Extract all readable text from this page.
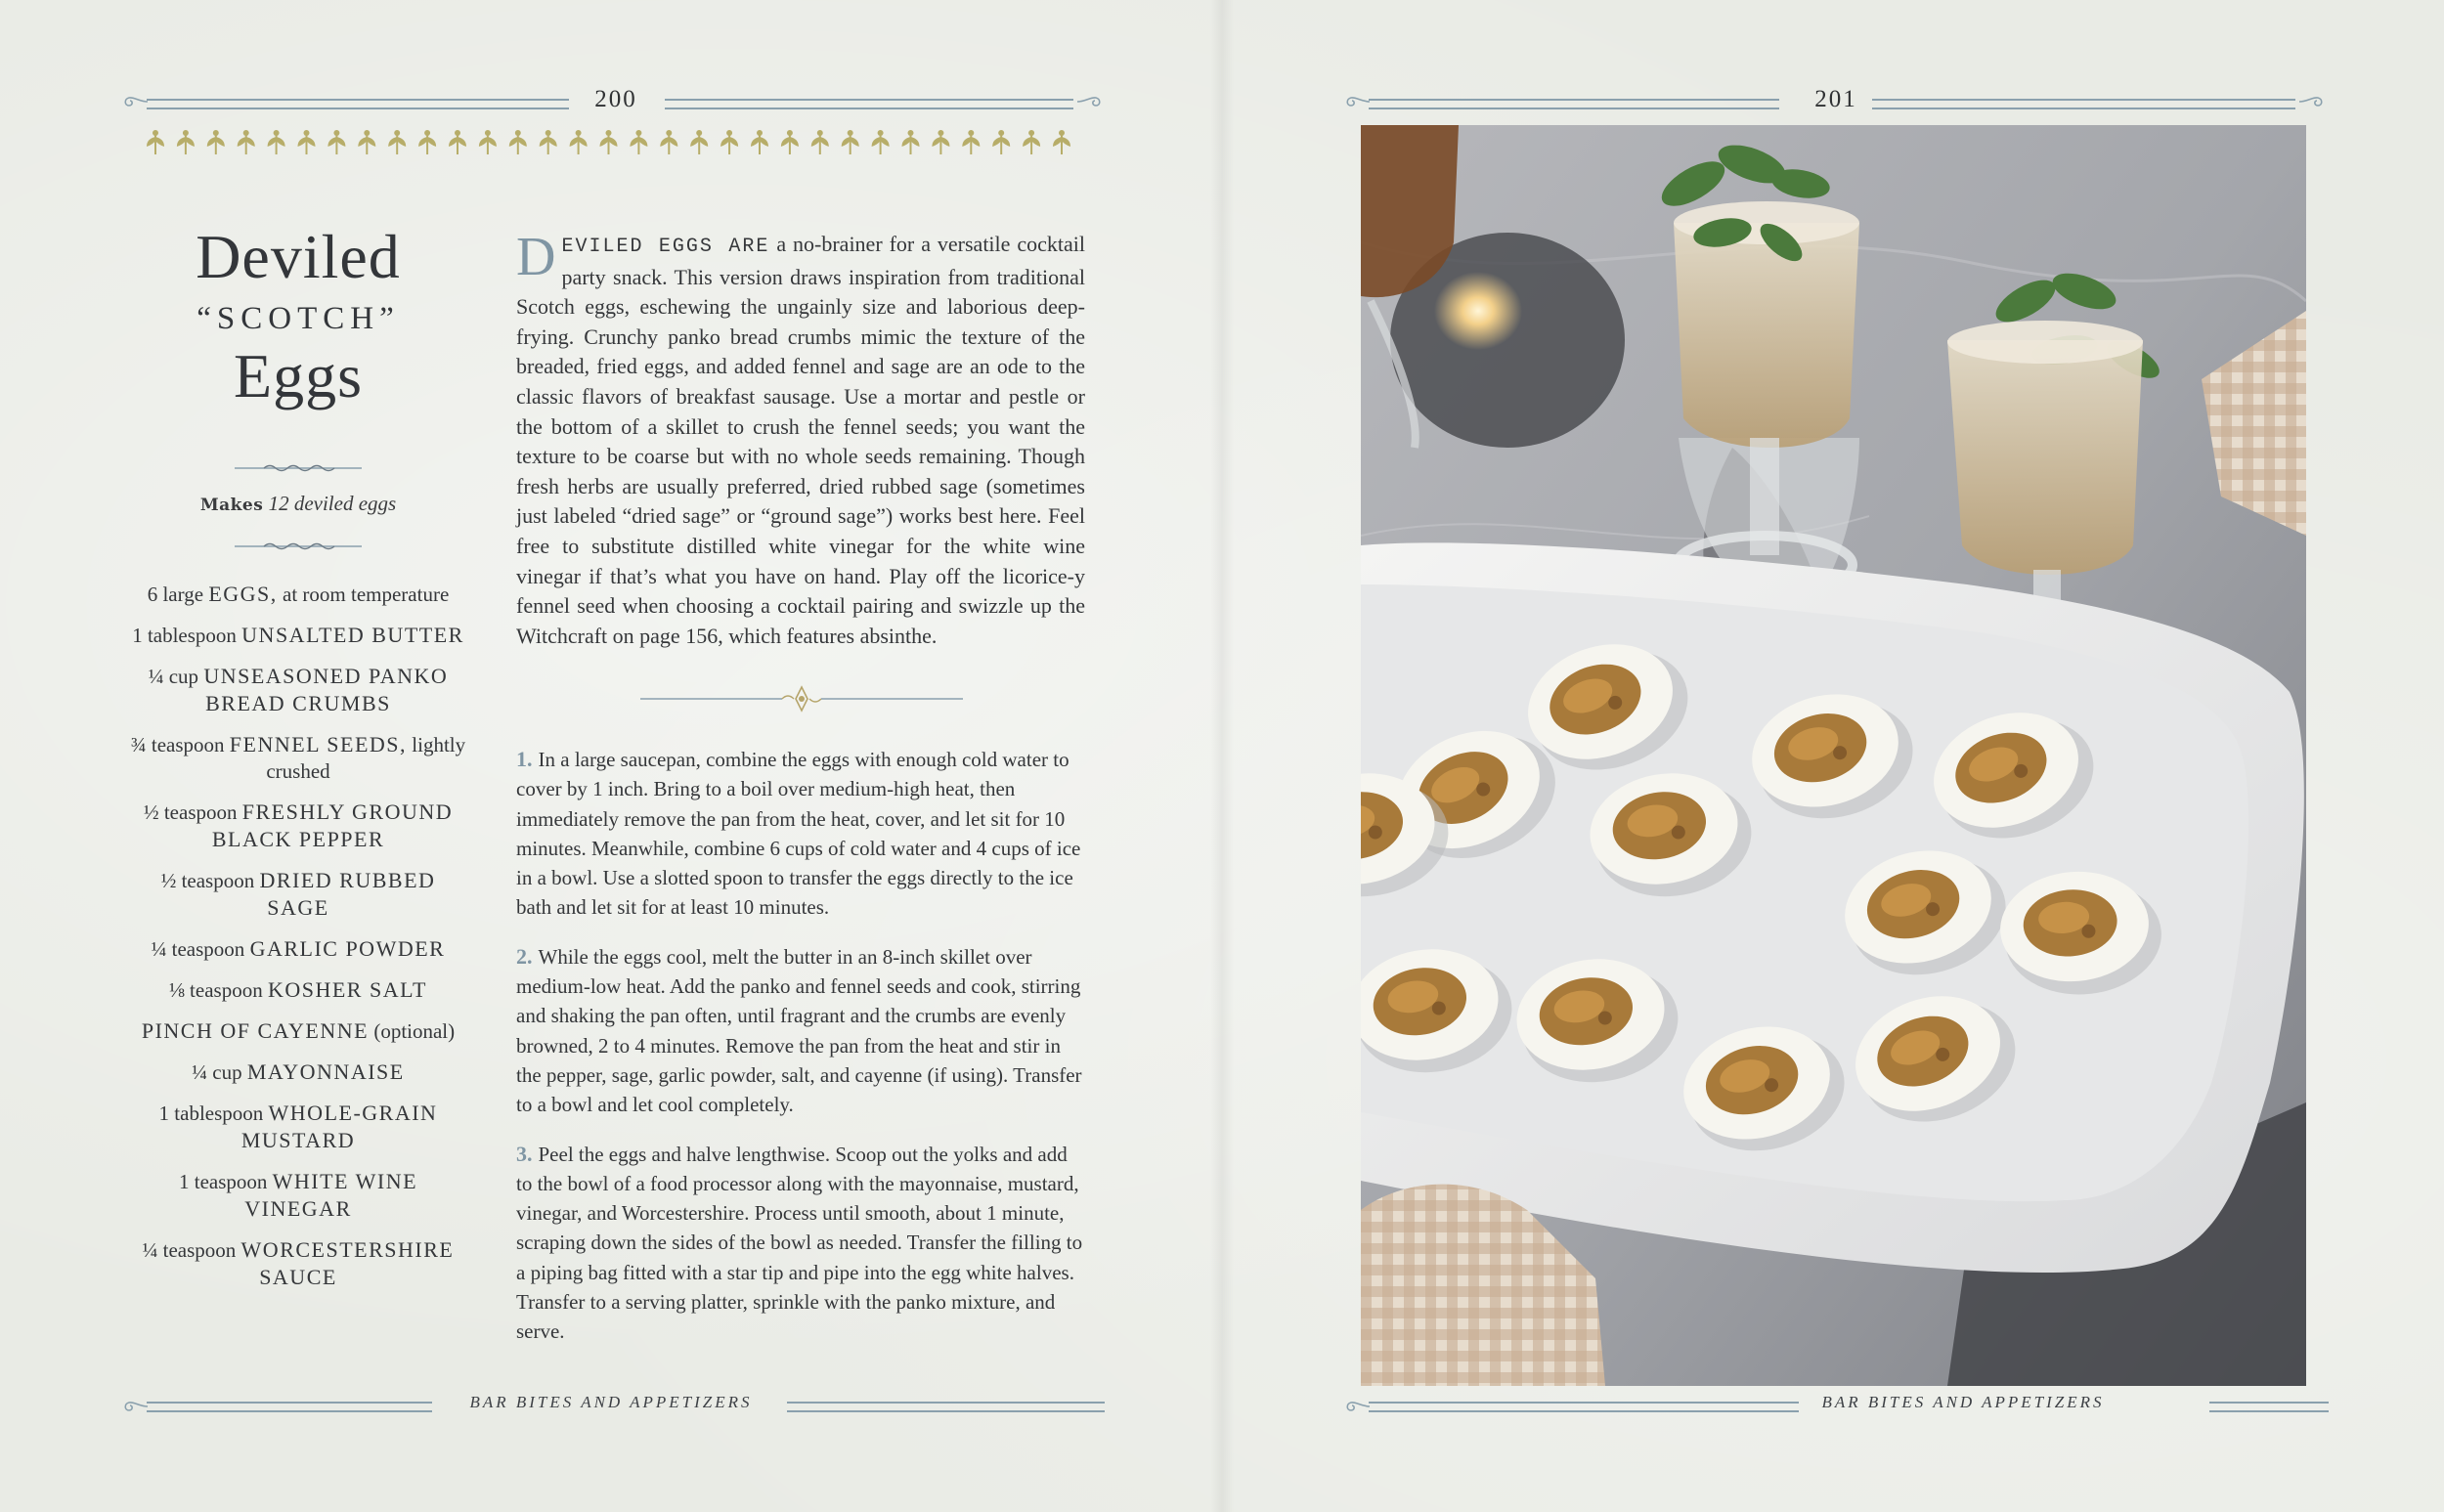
200
Deviled
“SCOTCH”
Eggs
Makes 12 deviled eggs
6 large EGGS, at room temperature
1 tablespoon UNSALTED BUTTER
¼ cup UNSEASONED PANKO BREAD CRUMBS
¾ teaspoon FENNEL SEEDS, lightly crushed
½ teaspoon FRESHLY GROUND BLACK PEPPER
½ teaspoon DRIED RUBBED SAGE
¼ teaspoon GARLIC POWDER
⅛ teaspoon KOSHER SALT
PINCH OF CAYENNE (optional)
¼ cup MAYONNAISE
1 tablespoon WHOLE-GRAIN MUSTARD
1 teaspoon WHITE WINE VINEGAR
¼ teaspoon WORCESTERSHIRE SAUCE
DEVILED EGGS ARE a no-brainer for a versatile cocktail party snack. This version draws inspiration from traditional Scotch eggs, eschewing the ungainly size and laborious deep-frying. Crunchy panko bread crumbs mimic the texture of the breaded, fried eggs, and added fennel and sage are an ode to the classic flavors of breakfast sausage. Use a mortar and pestle or the bottom of a skillet to crush the fennel seeds; you want the texture to be coarse but with no whole seeds remaining. Though fresh herbs are usually preferred, dried rubbed sage (sometimes just labeled “dried sage” or “ground sage”) works best here. Feel free to substitute distilled white vinegar for the white wine vinegar if that’s what you have on hand. Play off the licorice-y fennel seed when choosing a cocktail pairing and swizzle up the Witchcraft on page 156, which features absinthe.
1. In a large saucepan, combine the eggs with enough cold water to cover by 1 inch. Bring to a boil over medium-high heat, then immediately remove the pan from the heat, cover, and let sit for 10 minutes. Meanwhile, combine 6 cups of cold water and 4 cups of ice in a bowl. Use a slotted spoon to transfer the eggs directly to the ice bath and let sit for at least 10 minutes.
2. While the eggs cool, melt the butter in an 8-inch skillet over medium-low heat. Add the panko and fennel seeds and cook, stirring and shaking the pan often, until fragrant and the crumbs are evenly browned, 2 to 4 minutes. Remove the pan from the heat and stir in the pepper, sage, garlic powder, salt, and cayenne (if using). Transfer to a bowl and let cool completely.
3. Peel the eggs and halve lengthwise. Scoop out the yolks and add to the bowl of a food processor along with the mayonnaise, mustard, vinegar, and Worcestershire. Process until smooth, about 1 minute, scraping down the sides of the bowl as needed. Transfer the filling to a piping bag fitted with a star tip and pipe into the egg white halves. Transfer to a serving platter, sprinkle with the panko mixture, and serve.
BAR BITES AND APPETIZERS
201
BAR BITES AND APPETIZERS
